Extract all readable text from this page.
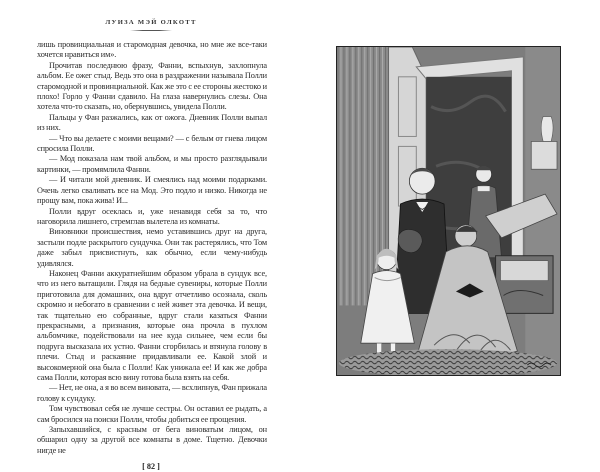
ЛУИЗА МЭЙ ОЛКОТТ

лишь провинциальная и старомодная девочка, но мне же все-таки хочется нравиться им».

Прочитав последнюю фразу, Фанни, вспыхнув, захлопнула альбом. Ее ожег стыд. Ведь это она в раздражении называла Полли старомодной и провинциальной. Как же это с ее стороны жестоко и плохо! Горло у Фанни сдавило. На глаза навернулись слезы. Она хотела что-то сказать, но, обернувшись, увидела Полли.

Пальцы у Фан разжались, как от ожога. Дневник Полли выпал из них.

— Что вы делаете с моими вещами? — с белым от гнева лицом спросила Полли.

— Мод показала нам твой альбом, и мы просто разглядывали картинки, — промямлила Фанни.

— И читали мой дневник. И смеялись над моими подарками. Очень легко сваливать все на Мод. Это подло и низко. Никогда не прощу вам, пока жива! И...

Полли вдруг осеклась и, уже ненавидя себя за то, что наговорила лишнего, стремглав вылетела из комнаты.

Виновники происшествия, немо уставившись друг на друга, застыли подле раскрытого сундучка. Они так растерялись, что Том даже забыл присвистнуть, как обычно, если чему-нибудь удивлялся.

Наконец Фанни аккуратнейшим образом убрала в сундук все, что из него вытащили. Глядя на бедные сувениры, которые Полли приготовила для домашних, она вдруг отчетливо осознала, сколь скромно и небогато в сравнении с ней живет эта девочка. И вещи, так тщательно ею собранные, вдруг стали казаться Фанни прекрасными, а признания, которые она прочла в пухлом альбомчике, подействовали на нее куда сильнее, чем если бы подруга высказала их устно. Фанни сгорбилась и втянула голову в плечи. Стыд и раскаяние придавливали ее. Какой злой и высокомерной она была с Полли! Как унижала ее! И как же добра сама Полли, которая всю вину готова была взять на себя.

— Нет, не она, а я во всем виновата, — всхлипнув, Фан прижала голову к сундуку.

Том чувствовал себя не лучше сестры. Он оставил ее рыдать, а сам бросился на поиски Полли, чтобы добиться ее прощения.

Запыхавшийся, с красным от бега виноватым лицом, он обшарил одну за другой все комнаты в доме. Тщетно. Девочки нигде не

[ 82 ]
